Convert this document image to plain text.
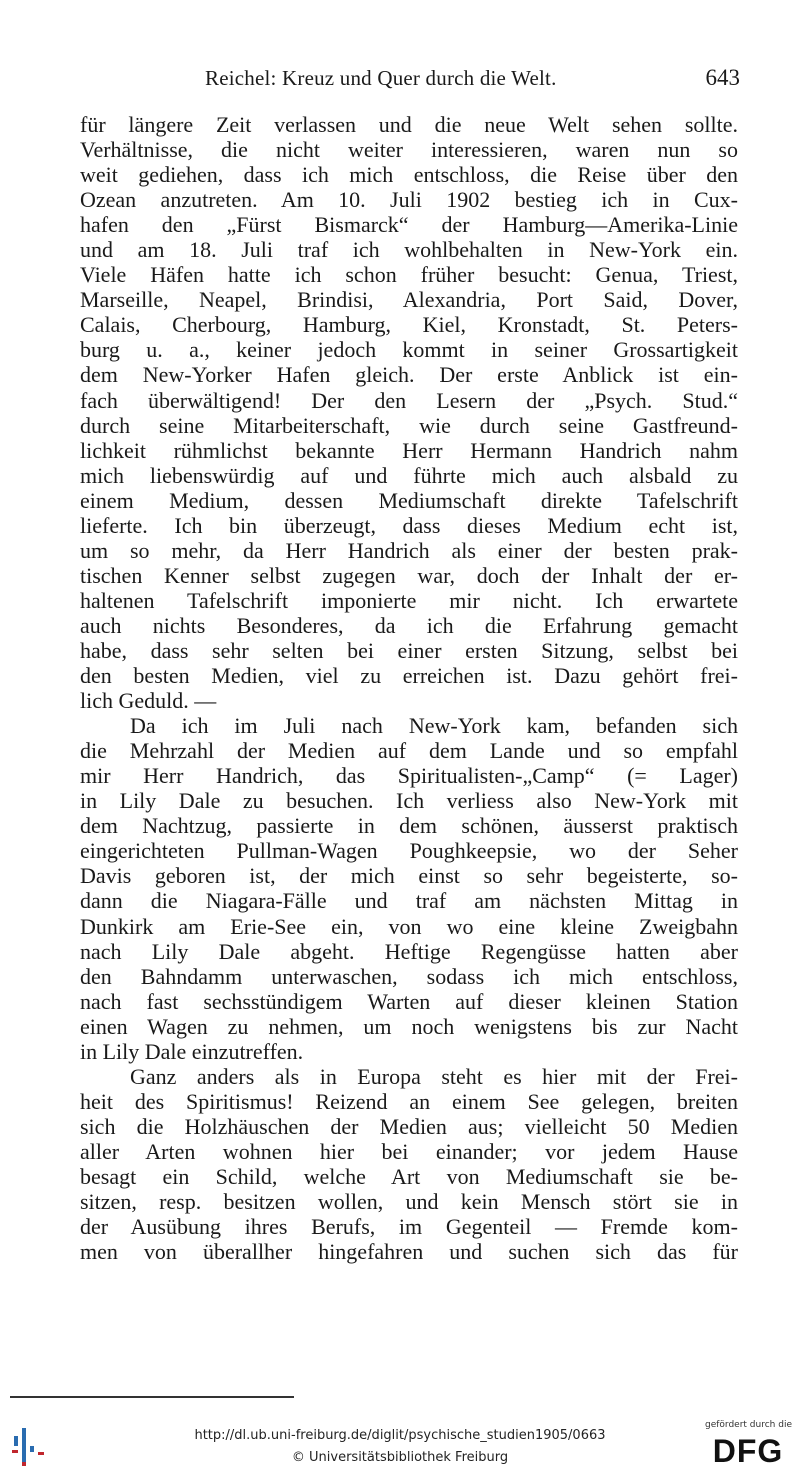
Reichel: Kreuz und Quer durch die Welt.	643
für längere Zeit verlassen und die neue Welt sehen sollte.
Verhältnisse, die nicht weiter interessieren, waren nun so
weit gediehen, dass ich mich entschloss, die Reise über den
Ozean anzutreten. Am 10. Juli 1902 bestieg ich in Cux-
hafen den „Fürst Bismarck“ der Hamburg—Amerika-Linie
und am 18. Juli traf ich wohlbehalten in New-York ein.
Viele Häfen hatte ich schon früher besucht: Genua, Triest,
Marseille, Neapel, Brindisi, Alexandria, Port Said, Dover,
Calais, Cherbourg, Hamburg, Kiel, Kronstadt, St. Peters-
burg u. a., keiner jedoch kommt in seiner Grossartigkeit
dem New-Yorker Hafen gleich. Der erste Anblick ist ein-
fach überwältigend! Der den Lesern der „Psych. Stud.“
durch seine Mitarbeiterschaft, wie durch seine Gastfreund-
lichkeit rühmlichst bekannte Herr Hermann Handrich nahm
mich liebenswürdig auf und führte mich auch alsbald zu
einem Medium, dessen Mediumschaft direkte Tafelschrift
lieferte. Ich bin überzeugt, dass dieses Medium echt ist,
um so mehr, da Herr Handrich als einer der besten prak-
tischen Kenner selbst zugegen war, doch der Inhalt der er-
haltenen Tafelschrift imponierte mir nicht. Ich erwartete
auch nichts Besonderes, da ich die Erfahrung gemacht
habe, dass sehr selten bei einer ersten Sitzung, selbst bei
den besten Medien, viel zu erreichen ist. Dazu gehört frei-
lich Geduld. —
Da ich im Juli nach New-York kam, befanden sich
die Mehrzahl der Medien auf dem Lande und so empfahl
mir Herr Handrich, das Spiritualisten-„Camp“ (= Lager)
in Lily Dale zu besuchen. Ich verliess also New-York mit
dem Nachtzug, passierte in dem schönen, äusserst praktisch
eingerichteten Pullman-Wagen Poughkeepsie, wo der Seher
Davis geboren ist, der mich einst so sehr begeisterte, so-
dann die Niagara-Fälle und traf am nächsten Mittag in
Dunkirk am Erie-See ein, von wo eine kleine Zweigbahn
nach Lily Dale abgeht. Heftige Regengüsse hatten aber
den Bahndamm unterwaschen, sodass ich mich entschloss,
nach fast sechsstündigem Warten auf dieser kleinen Station
einen Wagen zu nehmen, um noch wenigstens bis zur Nacht
in Lily Dale einzutreffen.
Ganz anders als in Europa steht es hier mit der Frei-
heit des Spiritismus! Reizend an einem See gelegen, breiten
sich die Holzhäuschen der Medien aus; vielleicht 50 Medien
aller Arten wohnen hier bei einander; vor jedem Hause
besagt ein Schild, welche Art von Mediumschaft sie be-
sitzen, resp. besitzen wollen, und kein Mensch stört sie in
der Ausübung ihres Berufs, im Gegenteil — Fremde kom-
men von überallher hingefahren und suchen sich das für
http://dl.ub.uni-freiburg.de/diglit/psychische_studien1905/0663
© Universitätsbibliothek Freiburg
gefördert durch die
DFG
